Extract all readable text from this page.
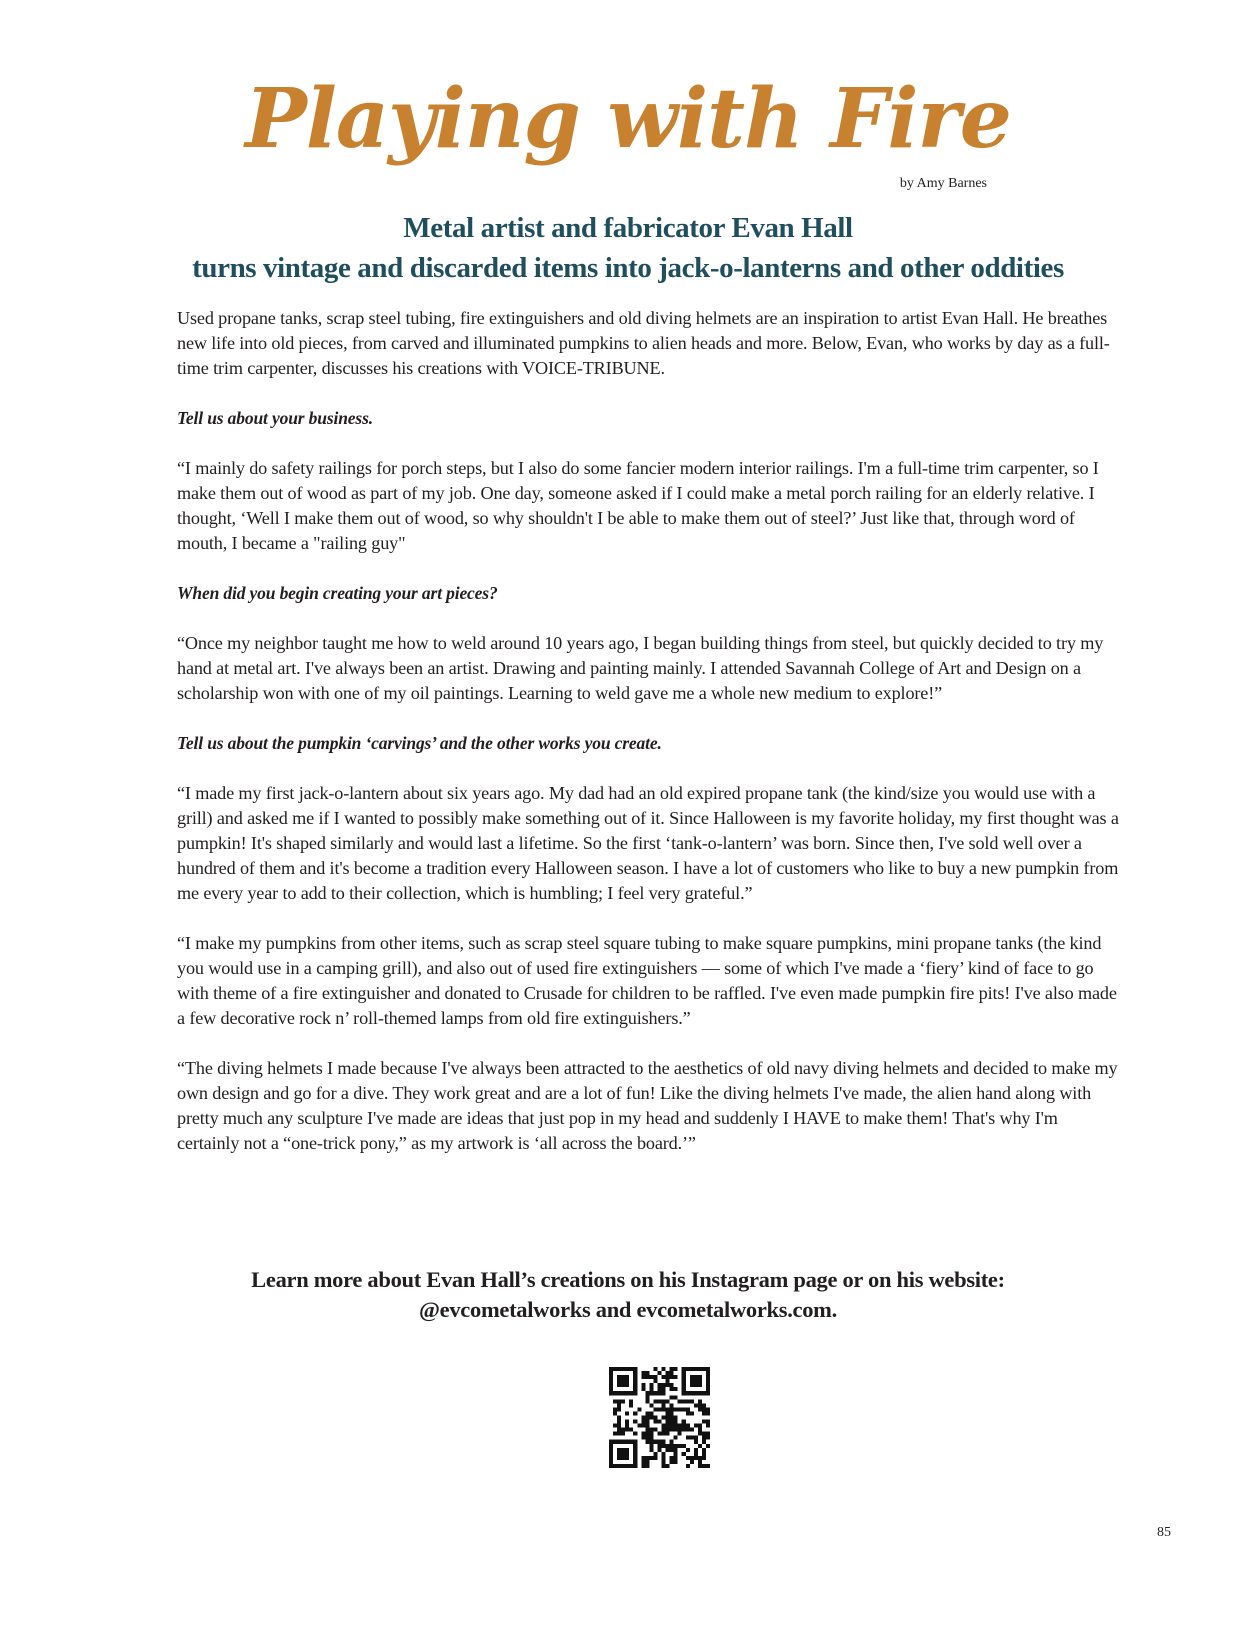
Playing with Fire
by Amy Barnes
Metal artist and fabricator Evan Hall
turns vintage and discarded items into jack-o-lanterns and other oddities

Used propane tanks, scrap steel tubing, fire extinguishers and old diving helmets are an inspiration to artist Evan Hall. He breathes new life into old pieces, from carved and illuminated pumpkins to alien heads and more. Below, Evan, who works by day as a full-time trim carpenter, discusses his creations with VOICE-TRIBUNE.

Tell us about your business.

“I mainly do safety railings for porch steps, but I also do some fancier modern interior railings. I'm a full-time trim carpenter, so I make them out of wood as part of my job. One day, someone asked if I could make a metal porch railing for an elderly relative. I thought, ‘Well I make them out of wood, so why shouldn't I be able to make them out of steel?’ Just like that, through word of mouth, I became a "railing guy"

When did you begin creating your art pieces?

“Once my neighbor taught me how to weld around 10 years ago, I began building things from steel, but quickly decided to try my hand at metal art. I've always been an artist. Drawing and painting mainly. I attended Savannah College of Art and Design on a scholarship won with one of my oil paintings. Learning to weld gave me a whole new medium to explore!”

Tell us about the pumpkin ‘carvings’ and the other works you create.

“I made my first jack-o-lantern about six years ago. My dad had an old expired propane tank (the kind/size you would use with a grill) and asked me if I wanted to possibly make something out of it. Since Halloween is my favorite holiday, my first thought was a pumpkin! It's shaped similarly and would last a lifetime. So the first ‘tank-o-lantern’ was born. Since then, I've sold well over a hundred of them and it's become a tradition every Halloween season. I have a lot of customers who like to buy a new pumpkin from me every year to add to their collection, which is humbling; I feel very grateful.”

“I make my pumpkins from other items, such as scrap steel square tubing to make square pumpkins, mini propane tanks (the kind you would use in a camping grill), and also out of used fire extinguishers — some of which I've made a ‘fiery’ kind of face to go with theme of a fire extinguisher and donated to Crusade for children to be raffled. I've even made pumpkin fire pits! I've also made a few decorative rock n’ roll-themed lamps from old fire extinguishers.”

“The diving helmets I made because I've always been attracted to the aesthetics of old navy diving helmets and decided to make my own design and go for a dive. They work great and are a lot of fun! Like the diving helmets I've made, the alien hand along with pretty much any sculpture I've made are ideas that just pop in my head and suddenly I HAVE to make them! That's why I'm certainly not a “one-trick pony,” as my artwork is ‘all across the board.’”

Learn more about Evan Hall’s creations on his Instagram page or on his website:
@evcometalworks and evcometalworks.com.
85
